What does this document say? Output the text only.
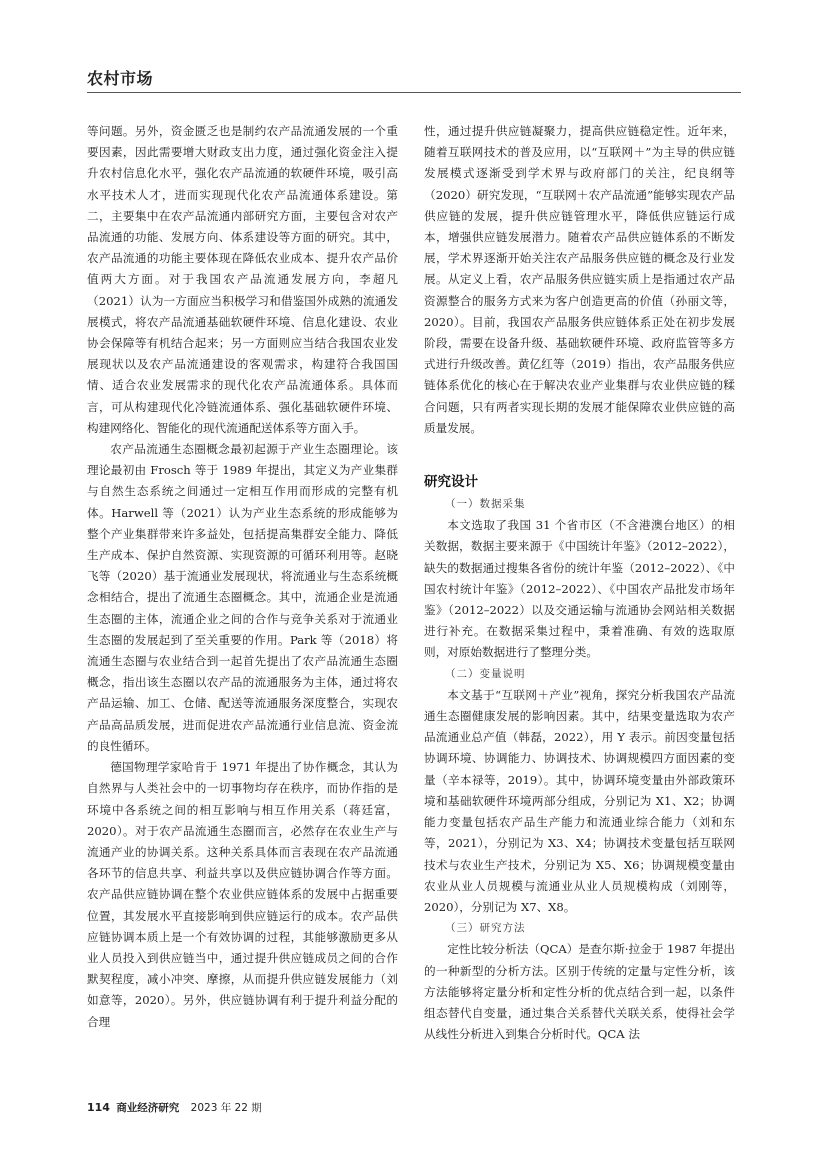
农村市场

等问题。另外，资金匮乏也是制约农产品流通发展的一个重要因素，因此需要增大财政支出力度，通过强化资金注入提升农村信息化水平，强化农产品流通的软硬件环境，吸引高水平技术人才，进而实现现代化农产品流通体系建设。第二，主要集中在农产品流通内部研究方面，主要包含对农产品流通的功能、发展方向、体系建设等方面的研究。其中，农产品流通的功能主要体现在降低农业成本、提升农产品价值两大方面。对于我国农产品流通发展方向，李超凡（2021）认为一方面应当积极学习和借鉴国外成熟的流通发展模式，将农产品流通基础软硬件环境、信息化建设、农业协会保障等有机结合起来；另一方面则应当结合我国农业发展现状以及农产品流通建设的客观需求，构建符合我国国情、适合农业发展需求的现代化农产品流通体系。具体而言，可从构建现代化冷链流通体系、强化基础软硬件环境、构建网络化、智能化的现代流通配送体系等方面入手。

农产品流通生态圈概念最初起源于产业生态圈理论。该理论最初由 Frosch 等于 1989 年提出，其定义为产业集群与自然生态系统之间通过一定相互作用而形成的完整有机体。Harwell 等（2021）认为产业生态系统的形成能够为整个产业集群带来许多益处，包括提高集群安全能力、降低生产成本、保护自然资源、实现资源的可循环利用等。赵晓飞等（2020）基于流通业发展现状，将流通业与生态系统概念相结合，提出了流通生态圈概念。其中，流通企业是流通生态圈的主体，流通企业之间的合作与竞争关系对于流通业生态圈的发展起到了至关重要的作用。Park 等（2018）将流通生态圈与农业结合到一起首先提出了农产品流通生态圈概念，指出该生态圈以农产品的流通服务为主体，通过将农产品运输、加工、仓储、配送等流通服务深度整合，实现农产品高品质发展，进而促进农产品流通行业信息流、资金流的良性循环。

德国物理学家哈肯于 1971 年提出了协作概念，其认为自然界与人类社会中的一切事物均存在秩序，而协作指的是环境中各系统之间的相互影响与相互作用关系（蒋廷富，2020）。对于农产品流通生态圈而言，必然存在农业生产与流通产业的协调关系。这种关系具体而言表现在农产品流通各环节的信息共享、利益共享以及供应链协调合作等方面。农产品供应链协调在整个农业供应链体系的发展中占据重要位置，其发展水平直接影响到供应链运行的成本。农产品供应链协调本质上是一个有效协调的过程，其能够激励更多从业人员投入到供应链当中，通过提升供应链成员之间的合作默契程度，减小冲突、摩擦，从而提升供应链发展能力（刘如意等，2020）。另外，供应链协调有利于提升利益分配的合理

性，通过提升供应链凝聚力，提高供应链稳定性。近年来，随着互联网技术的普及应用，以“互联网＋”为主导的供应链发展模式逐渐受到学术界与政府部门的关注，纪良纲等（2020）研究发现，“互联网＋农产品流通”能够实现农产品供应链的发展，提升供应链管理水平，降低供应链运行成本，增强供应链发展潜力。随着农产品供应链体系的不断发展，学术界逐渐开始关注农产品服务供应链的概念及行业发展。从定义上看，农产品服务供应链实质上是指通过农产品资源整合的服务方式来为客户创造更高的价值（孙丽文等，2020）。目前，我国农产品服务供应链体系正处在初步发展阶段，需要在设备升级、基础软硬件环境、政府监管等多方式进行升级改善。黄亿红等（2019）指出，农产品服务供应链体系优化的核心在于解决农业产业集群与农业供应链的糅合问题，只有两者实现长期的发展才能保障农业供应链的高质量发展。

研究设计
（一）数据采集

本文选取了我国 31 个省市区（不含港澳台地区）的相关数据，数据主要来源于《中国统计年鉴》（2012–2022），缺失的数据通过搜集各省份的统计年鉴（2012–2022）、《中国农村统计年鉴》（2012–2022）、《中国农产品批发市场年鉴》（2012–2022）以及交通运输与流通协会网站相关数据进行补充。在数据采集过程中，秉着准确、有效的选取原则，对原始数据进行了整理分类。

（二）变量说明

本文基于“互联网＋产业”视角，探究分析我国农产品流通生态圈健康发展的影响因素。其中，结果变量选取为农产品流通业总产值（韩磊，2022），用 Y 表示。前因变量包括协调环境、协调能力、协调技术、协调规模四方面因素的变量（辛本禄等，2019）。其中，协调环境变量由外部政策环境和基础软硬件环境两部分组成，分别记为 X1、X2；协调能力变量包括农产品生产能力和流通业综合能力（刘和东等，2021），分别记为 X3、X4；协调技术变量包括互联网技术与农业生产技术，分别记为 X5、X6；协调规模变量由农业从业人员规模与流通业从业人员规模构成（刘刚等，2020），分别记为 X7、X8。

（三）研究方法

定性比较分析法（QCA）是查尔斯·拉金于 1987 年提出的一种新型的分析方法。区别于传统的定量与定性分析，该方法能够将定量分析和定性分析的优点结合到一起，以条件组态替代自变量，通过集合关系替代关联关系，使得社会学从线性分析进入到集合分析时代。QCA 法

114 商业经济研究 2023 年 22 期
